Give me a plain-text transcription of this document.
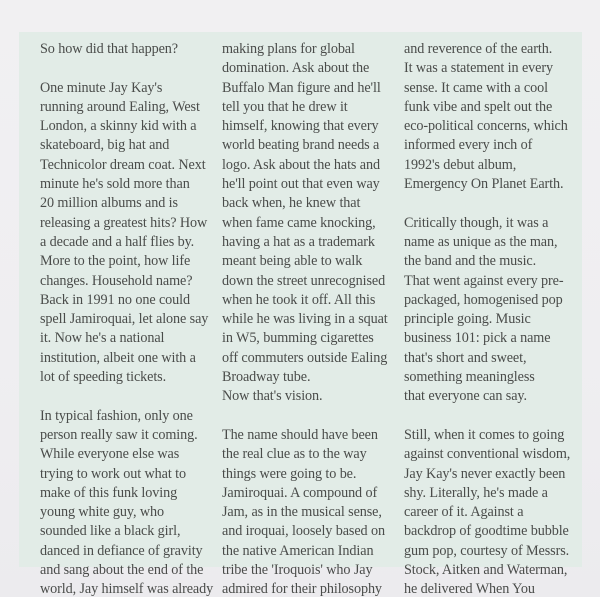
So how did that happen?

One minute Jay Kay's
running around Ealing, West
London, a skinny kid with a
skateboard, big hat and
Technicolor dream coat. Next
minute he's sold more than
20 million albums and is
releasing a greatest hits? How
a decade and a half flies by.
More to the point, how life
changes. Household name?
Back in 1991 no one could
spell Jamiroquai, let alone say
it. Now he's a national
institution, albeit one with a
lot of speeding tickets.

In typical fashion, only one
person really saw it coming.
While everyone else was
trying to work out what to
make of this funk loving
young white guy, who
sounded like a black girl,
danced in defiance of gravity
and sang about the end of the
world, Jay himself was already

making plans for global
domination. Ask about the
Buffalo Man figure and he'll
tell you that he drew it
himself, knowing that every
world beating brand needs a
logo. Ask about the hats and
he'll point out that even way
back when, he knew that
when fame came knocking,
having a hat as a trademark
meant being able to walk
down the street unrecognised
when he took it off. All this
while he was living in a squat
in W5, bumming cigarettes
off commuters outside Ealing
Broadway tube.
Now that's vision.

The name should have been
the real clue as to the way
things were going to be.
Jamiroquai. A compound of
Jam, as in the musical sense,
and iroquai, loosely based on
the native American Indian
tribe the 'Iroquois' who Jay
admired for their philosophy

and reverence of the earth.
It was a statement in every
sense. It came with a cool
funk vibe and spelt out the
eco-political concerns, which
informed every inch of
1992's debut album,
Emergency On Planet Earth.

Critically though, it was a
name as unique as the man,
the band and the music.
That went against every pre-
packaged, homogenised pop
principle going. Music
business 101: pick a name
that's short and sweet,
something meaningless
that everyone can say.

Still, when it comes to going
against conventional wisdom,
Jay Kay's never exactly been
shy. Literally, he's made a
career of it. Against a
backdrop of goodtime bubble
gum pop, courtesy of Messrs.
Stock, Aitken and Waterman,
he delivered When You
